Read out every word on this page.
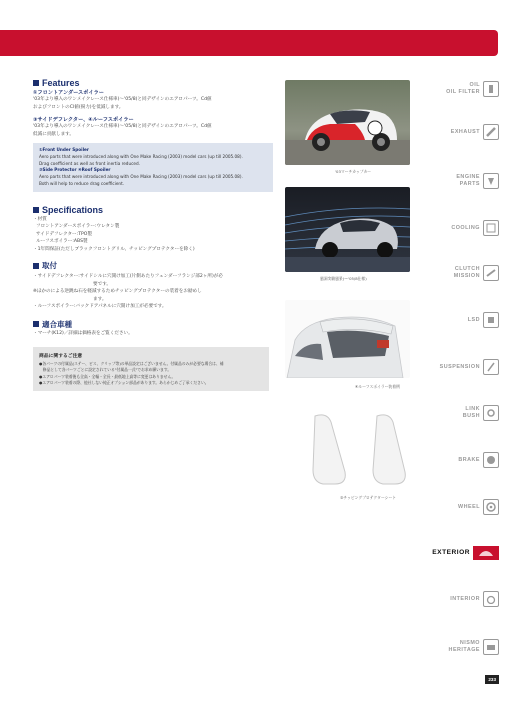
Features
①フロントアンダースポイラー
'03年より導入のワンメイクレース仕様車(〜'05/8)と同デザインのエアロパーツ。Cd値
およびフロントのCl値(揚力)を低減します。
③サイドデフレクター、④ルーフスポイラー
'03年より導入のワンメイクレース仕様車(〜'05/8)と同デザインのエアロパーツ。Cd値
低減に貢献します。
①Front Under Spoiler
Aero parts that were introduced along with One Make Racing (2003) model cars (up till 2005.08).
Drag coefficient as well as front inertia reduced.
③Side Protector ④Roof Spoiler
Aero parts that were introduced along with One Make Racing (2003) model cars (up till 2005.08).
Both will help to reduce drag coefficient.
Specifications
・材質
フロントアンダースポイラー:ウレタン製
サイドデフレクター:TPO製
ルーフスポイラー:ABS製
・1年間保証(ただしブラックフロントグリル、チッピングプロテクターを除く)
取付
・サイドデフレクター:サイドシルに穴開け加工(片側あたりフェンダーフランジ部2ヶ所)が必
要です。
※ほかのによる逆跳ね石を軽減するためチッピングプロテクターの装着をお勧めし
ます。
・ルーフスポイラー:バックドアパネルに穴開け加工が必要です。
適合車種
・マーチ(K12)／詳細は価格表をご覧ください。
商品に関するご注意
●各パーツの付属品(ステー、ビス、クリップ等)の単品設定はございません。付属品のみが必要な場合は、補
　修品として各パーツごとに設定されている"付属品一式"でお求め願います。
●エアロパーツ装着後も全高・全幅・全長・最低地上高等に変更はありません。
●エアロパーツ装着の際、他社しない純正オプション部品があります。あらかじめご了承ください。
'03マーチカップカー
風洞実験風景(〜'05/8仕様)
④ルーフスポイラー装着例
⑤チッピングプロテクターシート
OIL
OIL FILTER
EXHAUST
ENGINE
PARTS
COOLING
CLUTCH
MISSION
LSD
SUSPENSION
LINK
BUSH
BRAKE
WHEEL
EXTERIOR
INTERIOR
NISMO
HERITAGE
233
